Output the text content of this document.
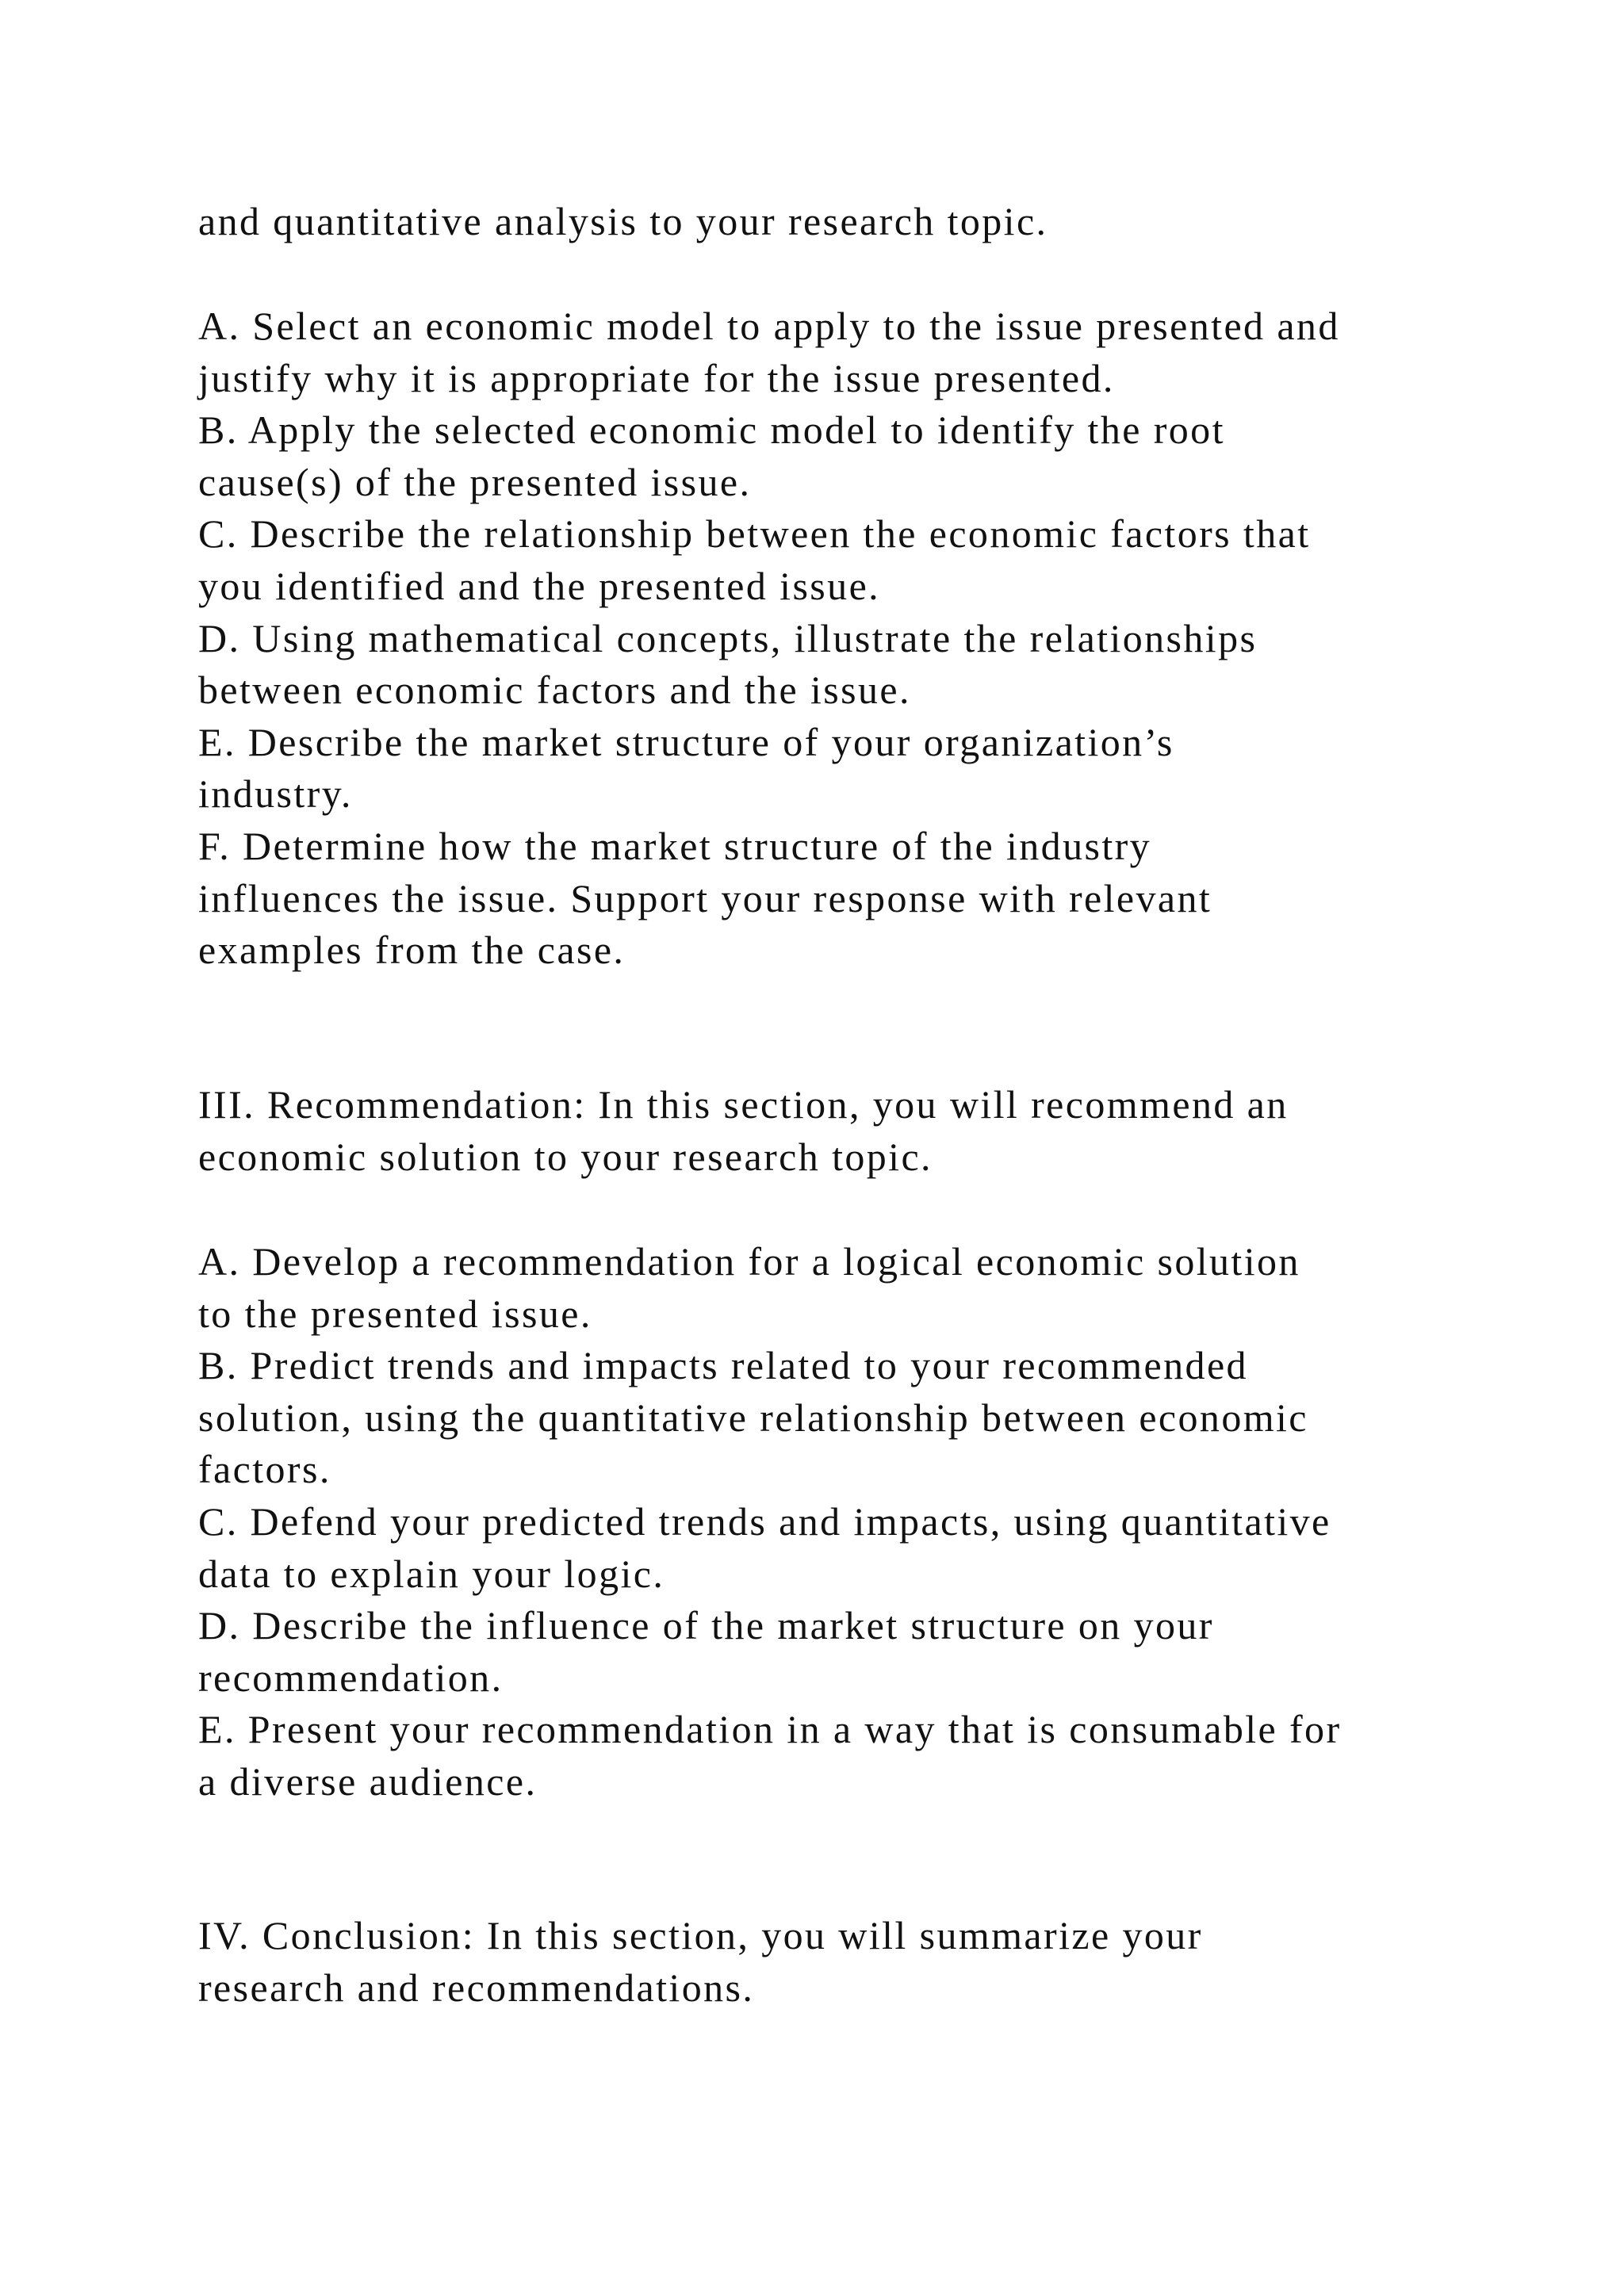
and quantitative analysis to your research topic.
A. Select an economic model to apply to the issue presented and
justify why it is appropriate for the issue presented.
B. Apply the selected economic model to identify the root
cause(s) of the presented issue.
C. Describe the relationship between the economic factors that
you identified and the presented issue.
D. Using mathematical concepts, illustrate the relationships
between economic factors and the issue.
E. Describe the market structure of your organization’s
industry.
F. Determine how the market structure of the industry
influences the issue. Support your response with relevant
examples from the case.
III. Recommendation: In this section, you will recommend an
economic solution to your research topic.
A. Develop a recommendation for a logical economic solution
to the presented issue.
B. Predict trends and impacts related to your recommended
solution, using the quantitative relationship between economic
factors.
C. Defend your predicted trends and impacts, using quantitative
data to explain your logic.
D. Describe the influence of the market structure on your
recommendation.
E. Present your recommendation in a way that is consumable for
a diverse audience.
IV. Conclusion: In this section, you will summarize your
research and recommendations.
